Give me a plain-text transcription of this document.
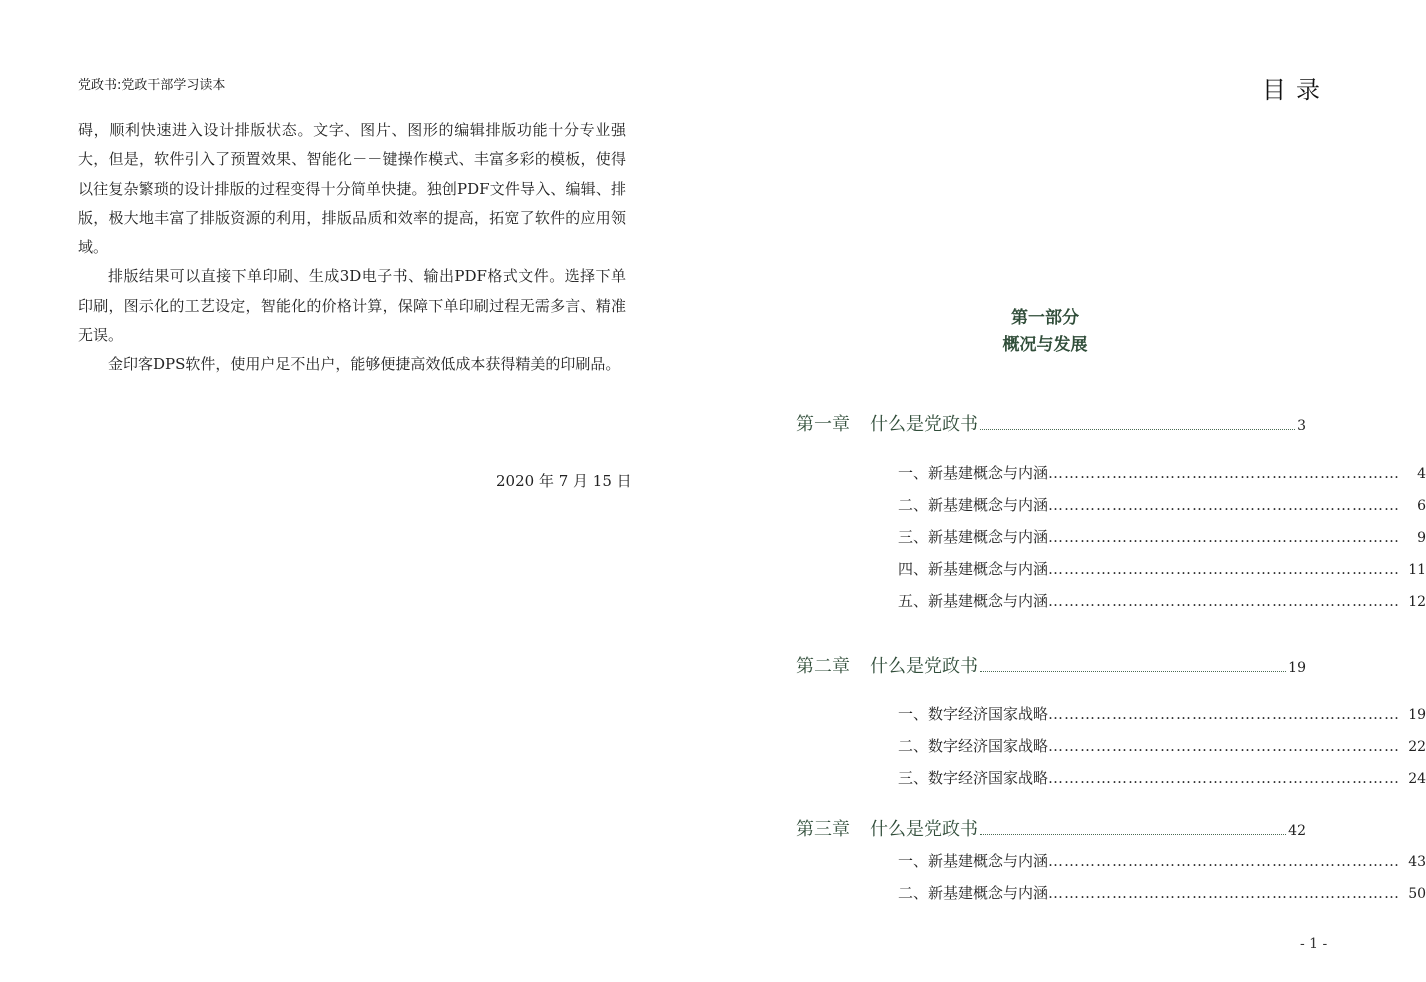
党政书:党政干部学习读本

碍，顺利快速进入设计排版状态。文字、图片、图形的编辑排版功能十分专业强大，但是，软件引入了预置效果、智能化－－键操作模式、丰富多彩的模板，使得以往复杂繁琐的设计排版的过程变得十分简单快捷。独创PDF文件导入、编辑、排版，极大地丰富了排版资源的利用，排版品质和效率的提高，拓宽了软件的应用领域。

排版结果可以直接下单印刷、生成3D电子书、输出PDF格式文件。选择下单印刷，图示化的工艺设定，智能化的价格计算，保障下单印刷过程无需多言、精准无误。

金印客DPS软件，使用户足不出户，能够便捷高效低成本获得精美的印刷品。

2020 年 7 月 15 日
目录
第一部分
概况与发展
第一章 什么是党政书	3
一、新基建概念与内涵 …………………………………………………………	4
二、新基建概念与内涵 …………………………………………………………	6
三、新基建概念与内涵 …………………………………………………………	9
四、新基建概念与内涵 ………………………………………………………… 11
五、新基建概念与内涵 ………………………………………………………… 12
第二章 什么是党政书	19
一、数字经济国家战略 ………………………………………………………… 19
二、数字经济国家战略 ………………………………………………………… 22
三、数字经济国家战略 ………………………………………………………… 24
第三章 什么是党政书	42
一、新基建概念与内涵 ………………………………………………………… 43
二、新基建概念与内涵 ………………………………………………………… 50
- 1 -
